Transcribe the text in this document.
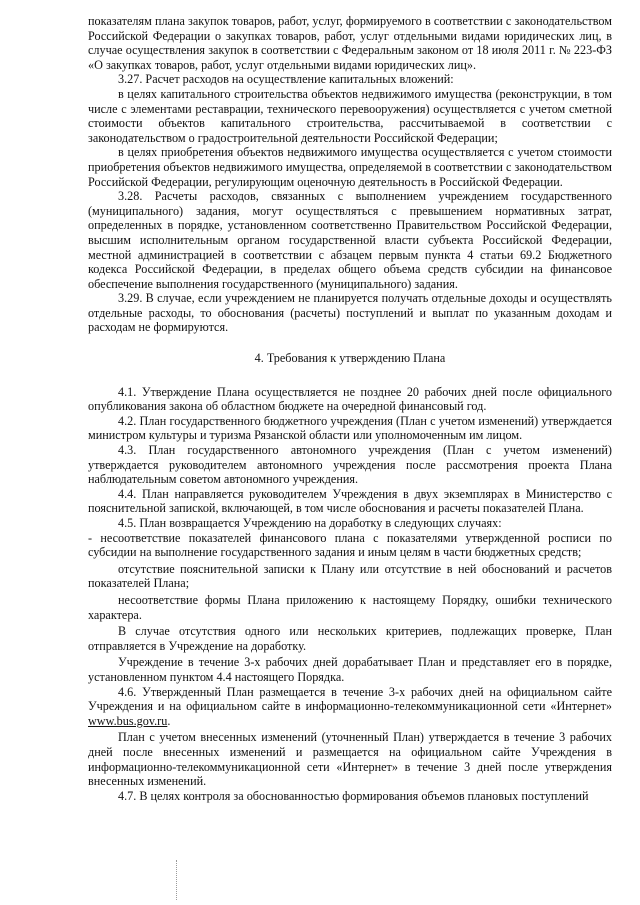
показателям плана закупок товаров, работ, услуг, формируемого в соответствии с законодательством Российской Федерации о закупках товаров, работ, услуг отдельными видами юридических лиц, в случае осуществления закупок в соответствии с Федеральным законом от 18 июля 2011 г. № 223-ФЗ «О закупках товаров, работ, услуг отдельными видами юридических лиц».

3.27. Расчет расходов на осуществление капитальных вложений:

в целях капитального строительства объектов недвижимого имущества (реконструкции, в том числе с элементами реставрации, технического перевооружения) осуществляется с учетом сметной стоимости объектов капитального строительства, рассчитываемой в соответствии с законодательством о градостроительной деятельности Российской Федерации;

в целях приобретения объектов недвижимого имущества осуществляется с учетом стоимости приобретения объектов недвижимого имущества, определяемой в соответствии с законодательством Российской Федерации, регулирующим оценочную деятельность в Российской Федерации.

3.28. Расчеты расходов, связанных с выполнением учреждением государственного (муниципального) задания, могут осуществляться с превышением нормативных затрат, определенных в порядке, установленном соответственно Правительством Российской Федерации, высшим исполнительным органом государственной власти субъекта Российской Федерации, местной администрацией в соответствии с абзацем первым пункта 4 статьи 69.2 Бюджетного кодекса Российской Федерации, в пределах общего объема средств субсидии на финансовое обеспечение выполнения государственного (муниципального) задания.

3.29. В случае, если учреждением не планируется получать отдельные доходы и осуществлять отдельные расходы, то обоснования (расчеты) поступлений и выплат по указанным доходам и расходам не формируются.

4. Требования к утверждению Плана

4.1. Утверждение Плана осуществляется не позднее 20 рабочих дней после официального опубликования закона об областном бюджете на очередной финансовый год.

4.2. План государственного бюджетного учреждения (План с учетом изменений) утверждается министром культуры и туризма Рязанской области или уполномоченным им лицом.

4.3. План государственного автономного учреждения (План с учетом изменений) утверждается руководителем автономного учреждения после рассмотрения проекта Плана наблюдательным советом автономного учреждения.

4.4. План направляется руководителем Учреждения в двух экземплярах в Министерство с пояснительной запиской, включающей, в том числе обоснования и расчеты показателей Плана.

4.5. План возвращается Учреждению на доработку в следующих случаях:

- несоответствие показателей финансового плана с показателями утвержденной росписи по субсидии на выполнение государственного задания и иным целям в части бюджетных средств;

отсутствие пояснительной записки к Плану или отсутствие в ней обоснований и расчетов показателей Плана;

несоответствие формы Плана приложению к настоящему Порядку, ошибки технического характера.

В случае отсутствия одного или нескольких критериев, подлежащих проверке, План отправляется в Учреждение на доработку.

Учреждение в течение 3-х рабочих дней дорабатывает План и представляет его в порядке, установленном пунктом 4.4 настоящего Порядка.

4.6. Утвержденный План размещается в течение 3-х рабочих дней на официальном сайте Учреждения и на официальном сайте в информационно-телекоммуникационной сети «Интернет» www.bus.gov.ru.

План с учетом внесенных изменений (уточненный План) утверждается в течение 3 рабочих дней после внесенных изменений и размещается на официальном сайте Учреждения в информационно-телекоммуникационной сети «Интернет» в течение 3 дней после утверждения внесенных изменений.

4.7. В целях контроля за обоснованностью формирования объемов плановых поступлений
